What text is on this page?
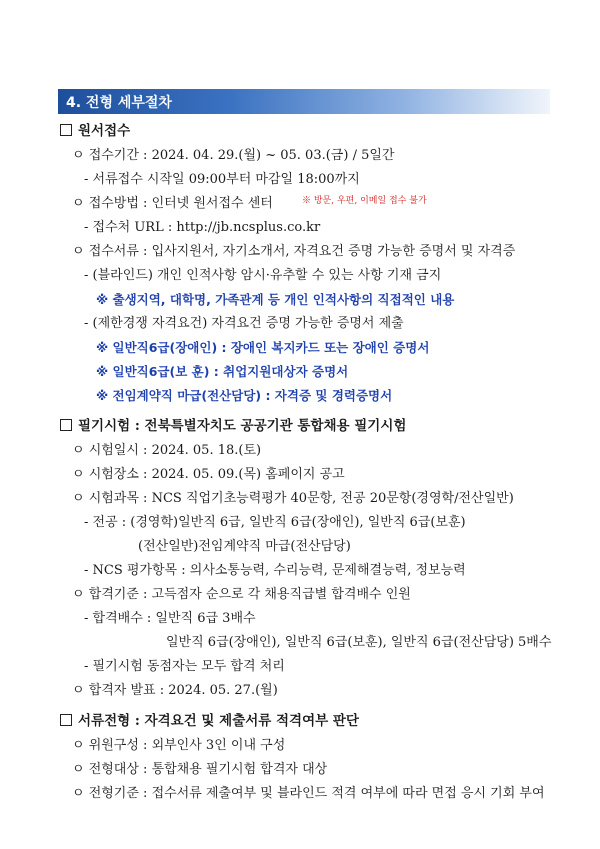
4. 전형 세부절차
원서접수
ㅇ 접수기간 : 2024. 04. 29.(월) ~ 05. 03.(금) / 5일간
- 서류접수 시작일 09:00부터 마감일 18:00까지
ㅇ 접수방법 : 인터넷 원서접수 센터	※ 방문, 우편, 이메일 접수 불가
- 접수처 URL : http://jb.ncsplus.co.kr
ㅇ 접수서류 : 입사지원서, 자기소개서, 자격요건 증명 가능한 증명서 및 자격증
- (블라인드) 개인 인적사항 암시·유추할 수 있는 사항 기재 금지
※ 출생지역, 대학명, 가족관계 등 개인 인적사항의 직접적인 내용
- (제한경쟁 자격요건) 자격요건 증명 가능한 증명서 제출
※ 일반직6급(장애인) : 장애인 복지카드 또는 장애인 증명서
※ 일반직6급(보 훈) : 취업지원대상자 증명서
※ 전임계약직 마급(전산담당) : 자격증 및 경력증명서
필기시험 : 전북특별자치도 공공기관 통합채용 필기시험
ㅇ 시험일시 : 2024. 05. 18.(토)
ㅇ 시험장소 : 2024. 05. 09.(목) 홈페이지 공고
ㅇ 시험과목 : NCS 직업기초능력평가 40문항, 전공 20문항(경영학/전산일반)
- 전공 : (경영학)일반직 6급, 일반직 6급(장애인), 일반직 6급(보훈)
(전산일반)전임계약직 마급(전산담당)
- NCS 평가항목 : 의사소통능력, 수리능력, 문제해결능력, 정보능력
ㅇ 합격기준 : 고득점자 순으로 각 채용직급별 합격배수 인원
- 합격배수 : 일반직 6급 3배수
일반직 6급(장애인), 일반직 6급(보훈), 일반직 6급(전산담당) 5배수
- 필기시험 동점자는 모두 합격 처리
ㅇ 합격자 발표 : 2024. 05. 27.(월)
서류전형 : 자격요건 및 제출서류 적격여부 판단
ㅇ 위원구성 : 외부인사 3인 이내 구성
ㅇ 전형대상 : 통합채용 필기시험 합격자 대상
ㅇ 전형기준 : 접수서류 제출여부 및 블라인드 적격 여부에 따라 면접 응시 기회 부여
